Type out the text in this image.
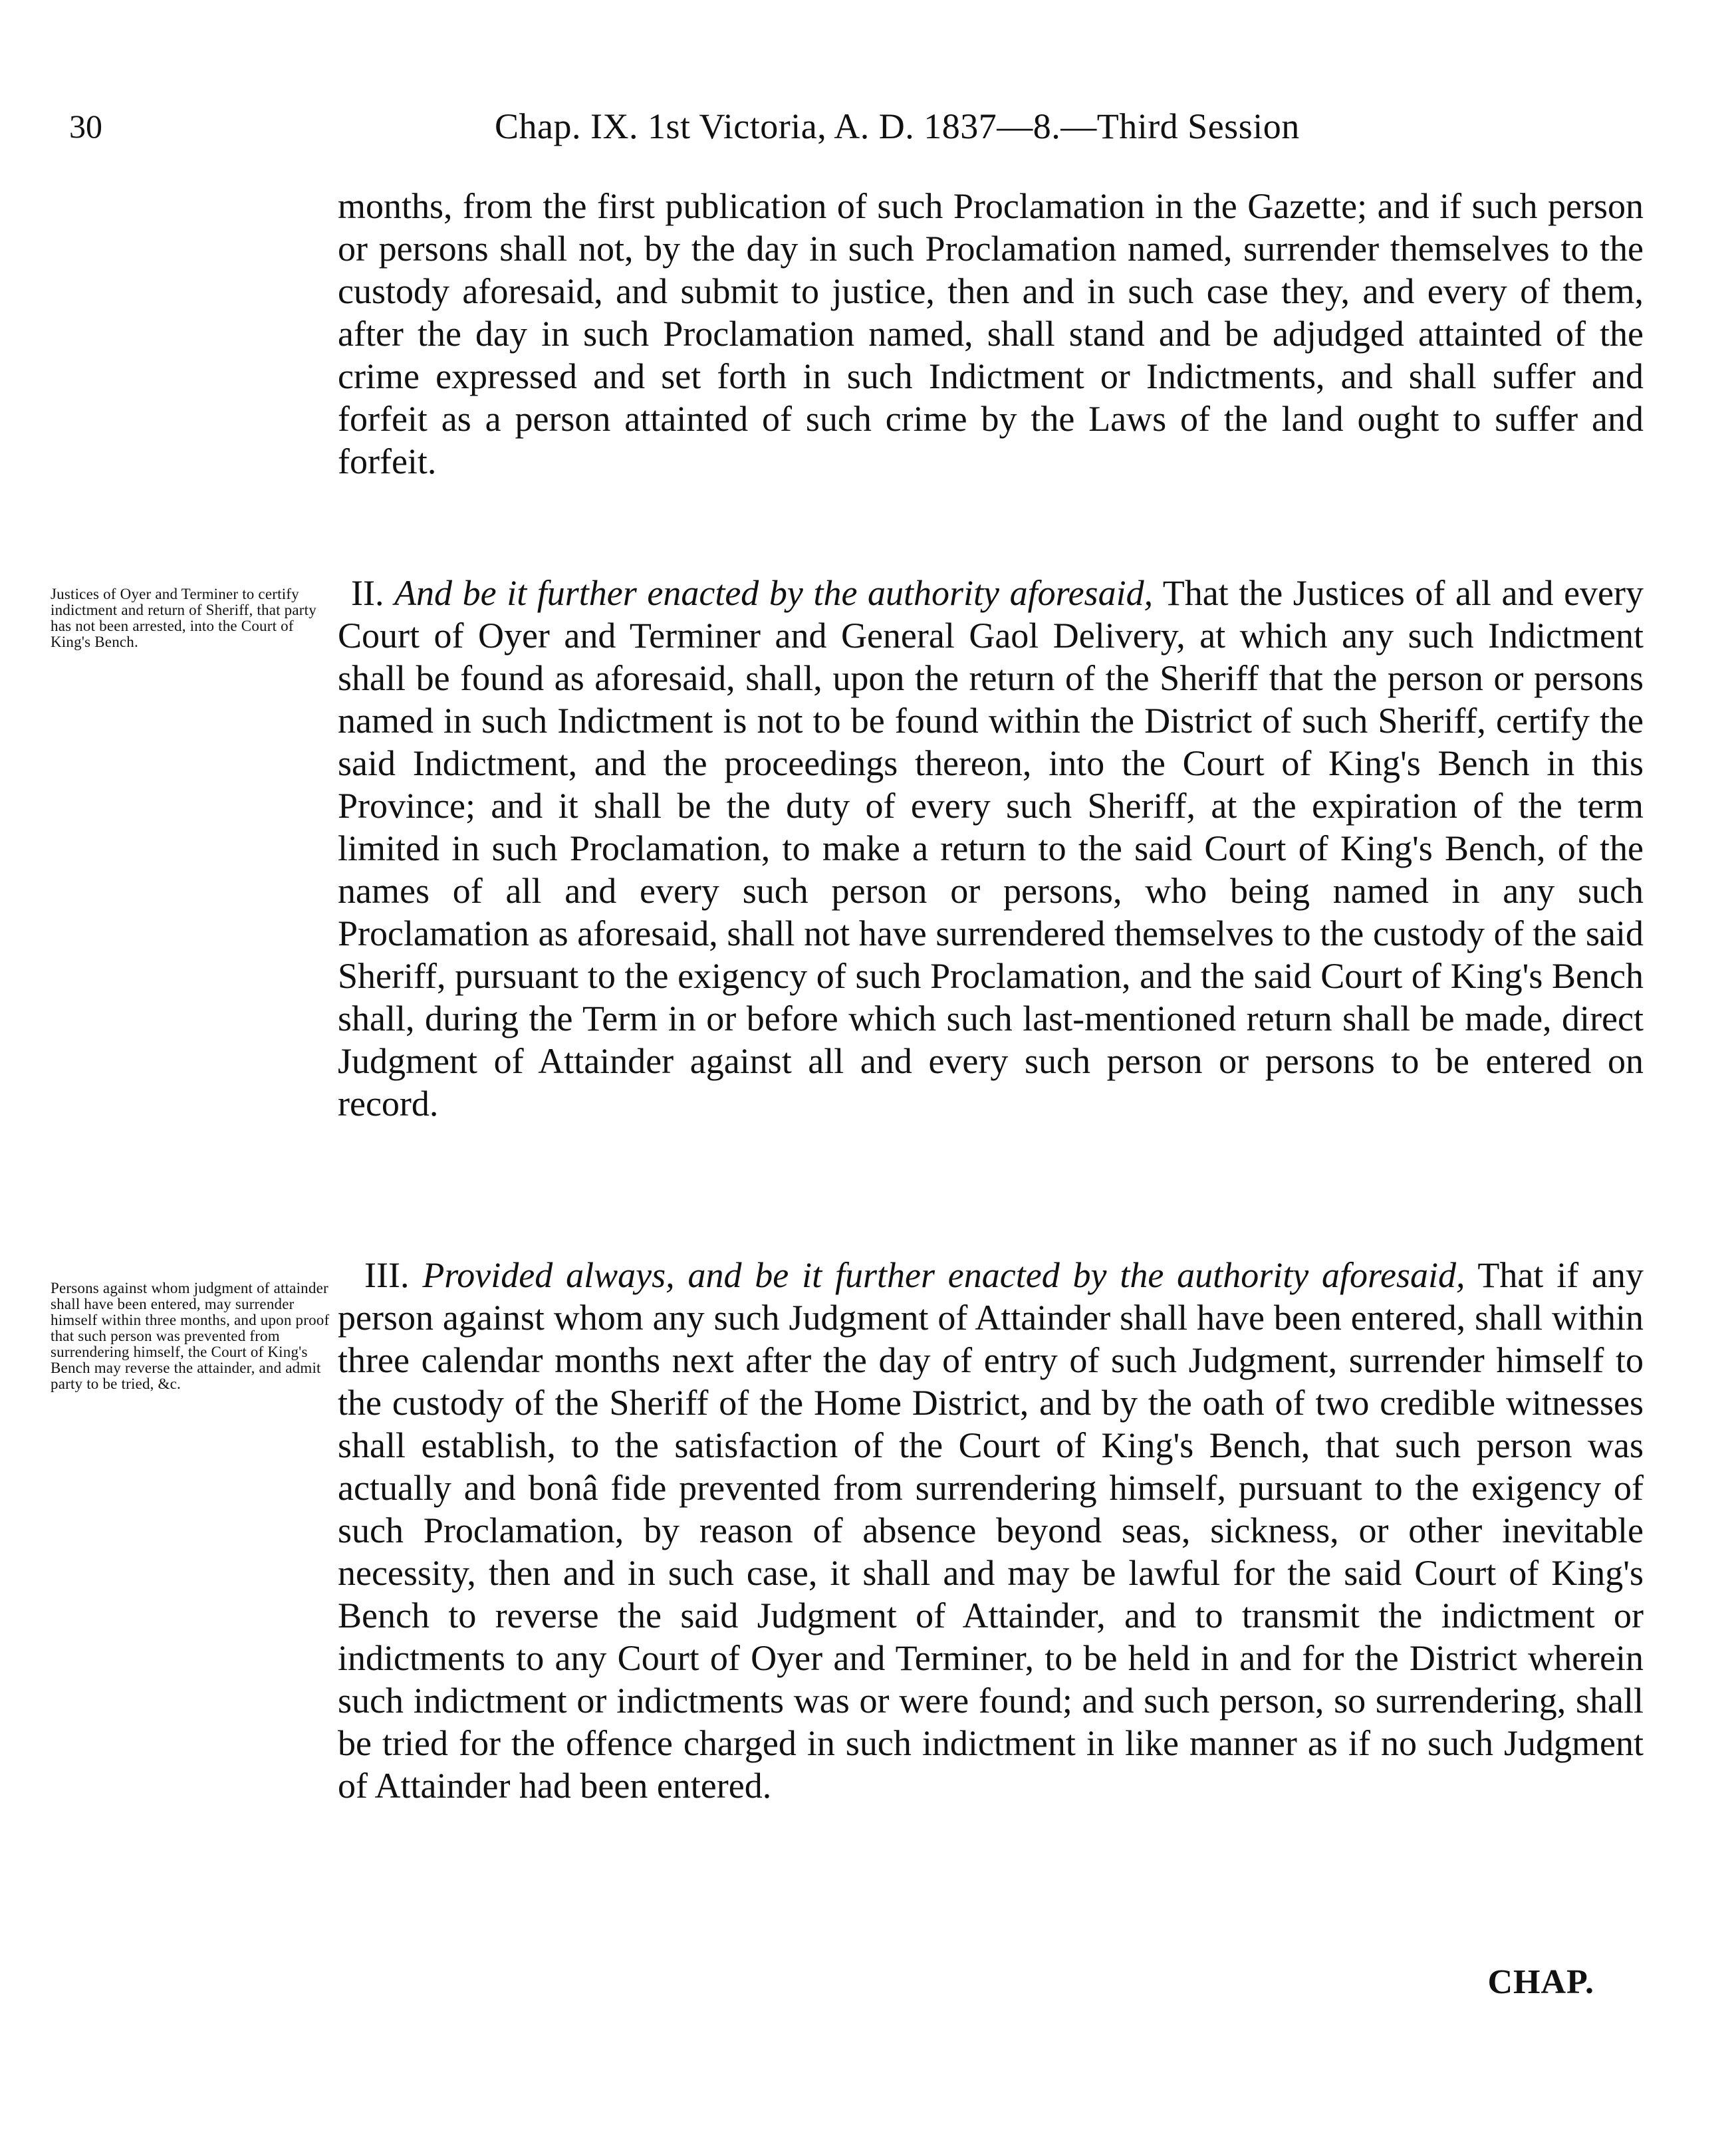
30	Chap. IX. 1st Victoria, A. D. 1837—8.—Third Session

months, from the first publication of such Proclamation in the Gazette; and if such person or persons shall not, by the day in such Proclamation named, surrender themselves to the custody aforesaid, and submit to justice, then and in such case they, and every of them, after the day in such Proclamation named, shall stand and be adjudged attainted of the crime expressed and set forth in such Indictment or Indictments, and shall suffer and forfeit as a person attainted of such crime by the Laws of the land ought to suffer and forfeit.

Justices of Oyer and Terminer to certify indictment and return of Sheriff, that party has not been arrested, into the Court of King's Bench.

II. And be it further enacted by the authority aforesaid, That the Justices of all and every Court of Oyer and Terminer and General Gaol Delivery, at which any such Indictment shall be found as aforesaid, shall, upon the return of the Sheriff that the person or persons named in such Indictment is not to be found within the District of such Sheriff, certify the said Indictment, and the proceedings thereon, into the Court of King's Bench in this Province; and it shall be the duty of every such Sheriff, at the expiration of the term limited in such Proclamation, to make a return to the said Court of King's Bench, of the names of all and every such person or persons, who being named in any such Proclamation as aforesaid, shall not have surrendered themselves to the custody of the said Sheriff, pursuant to the exigency of such Proclamation, and the said Court of King's Bench shall, during the Term in or before which such last-mentioned return shall be made, direct Judgment of Attainder against all and every such person or persons to be entered on record.

Persons against whom judgment of attainder shall have been entered, may surrender himself within three months, and upon proof that such person was prevented from surrendering himself, the Court of King's Bench may reverse the attainder, and admit party to be tried, &c.

III. Provided always, and be it further enacted by the authority aforesaid, That if any person against whom any such Judgment of Attainder shall have been entered, shall within three calendar months next after the day of entry of such Judgment, surrender himself to the custody of the Sheriff of the Home District, and by the oath of two credible witnesses shall establish, to the satisfaction of the Court of King's Bench, that such person was actually and bonâ fide prevented from surrendering himself, pursuant to the exigency of such Proclamation, by reason of absence beyond seas, sickness, or other inevitable necessity, then and in such case, it shall and may be lawful for the said Court of King's Bench to reverse the said Judgment of Attainder, and to transmit the indictment or indictments to any Court of Oyer and Terminer, to be held in and for the District wherein such indictment or indictments was or were found; and such person, so surrendering, shall be tried for the offence charged in such indictment in like manner as if no such Judgment of Attainder had been entered.

CHAP.
